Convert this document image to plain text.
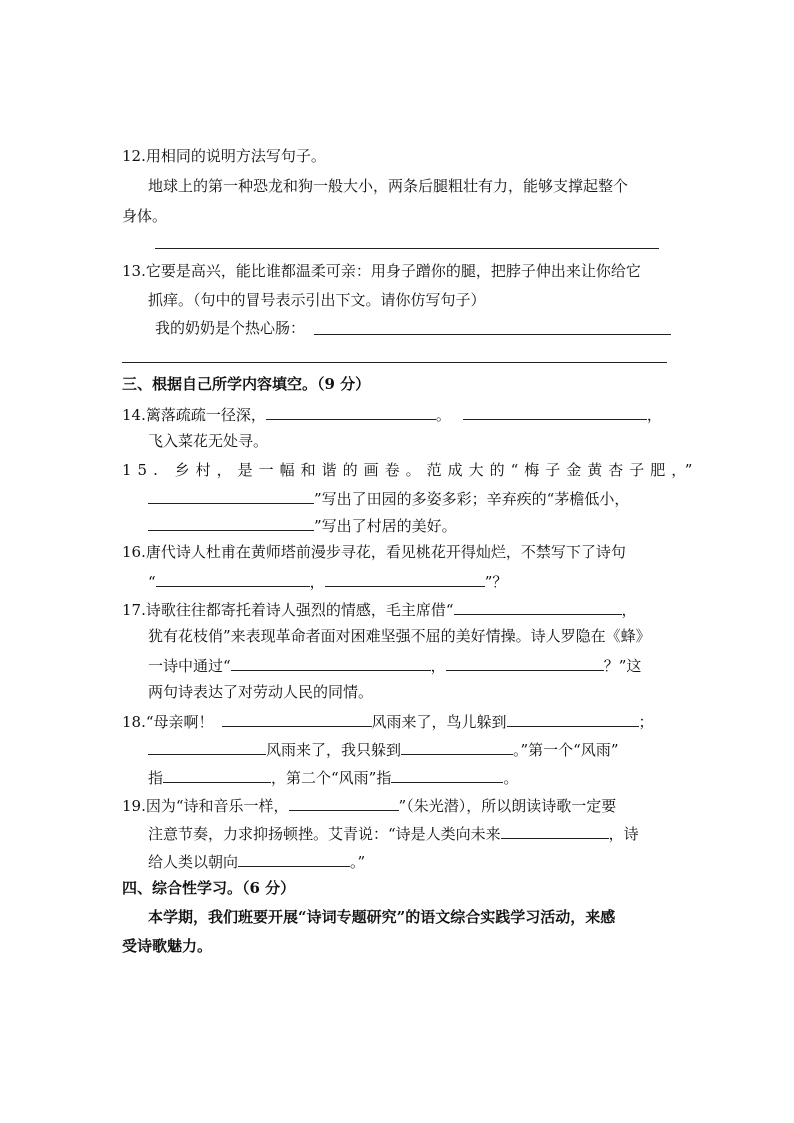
12.用相同的说明方法写句子。
地球上的第一种恐龙和狗一般大小，两条后腿粗壮有力，能够支撑起整个
身体。
13.它要是高兴，能比谁都温柔可亲：用身子蹭你的腿，把脖子伸出来让你给它
抓痒。（句中的冒号表示引出下文。请你仿写句子）
我的奶奶是个热心肠：
三、根据自己所学内容填空。（9 分）
14.篱落疏疏一径深，	。	，
飞入菜花无处寻。
15. 乡村，是一幅和谐的画卷。范成大的“梅子金黄杏子肥，”
”写出了田园的多姿多彩；辛弃疾的“茅檐低小，
”写出了村居的美好。
16.唐代诗人杜甫在黄师塔前漫步寻花，看见桃花开得灿烂，不禁写下了诗句
“	，	”？
17.诗歌往往都寄托着诗人强烈的情感，毛主席借“	，
犹有花枝俏”来表现革命者面对困难坚强不屈的美好情操。诗人罗隐在《蜂》
一诗中通过“	，	？”这
两句诗表达了对劳动人民的同情。
18.“母亲啊！	风雨来了，鸟儿躲到	；
风雨来了，我只躲到	。”第一个“风雨”
指	，第二个“风雨”指	。
19.因为“诗和音乐一样，	”（朱光潜），所以朗读诗歌一定要
注意节奏，力求抑扬顿挫。艾青说：“诗是人类向未来	，诗
给人类以朝向	。”
四、综合性学习。（6 分）
本学期，我们班要开展“诗词专题研究”的语文综合实践学习活动，来感
受诗歌魅力。
